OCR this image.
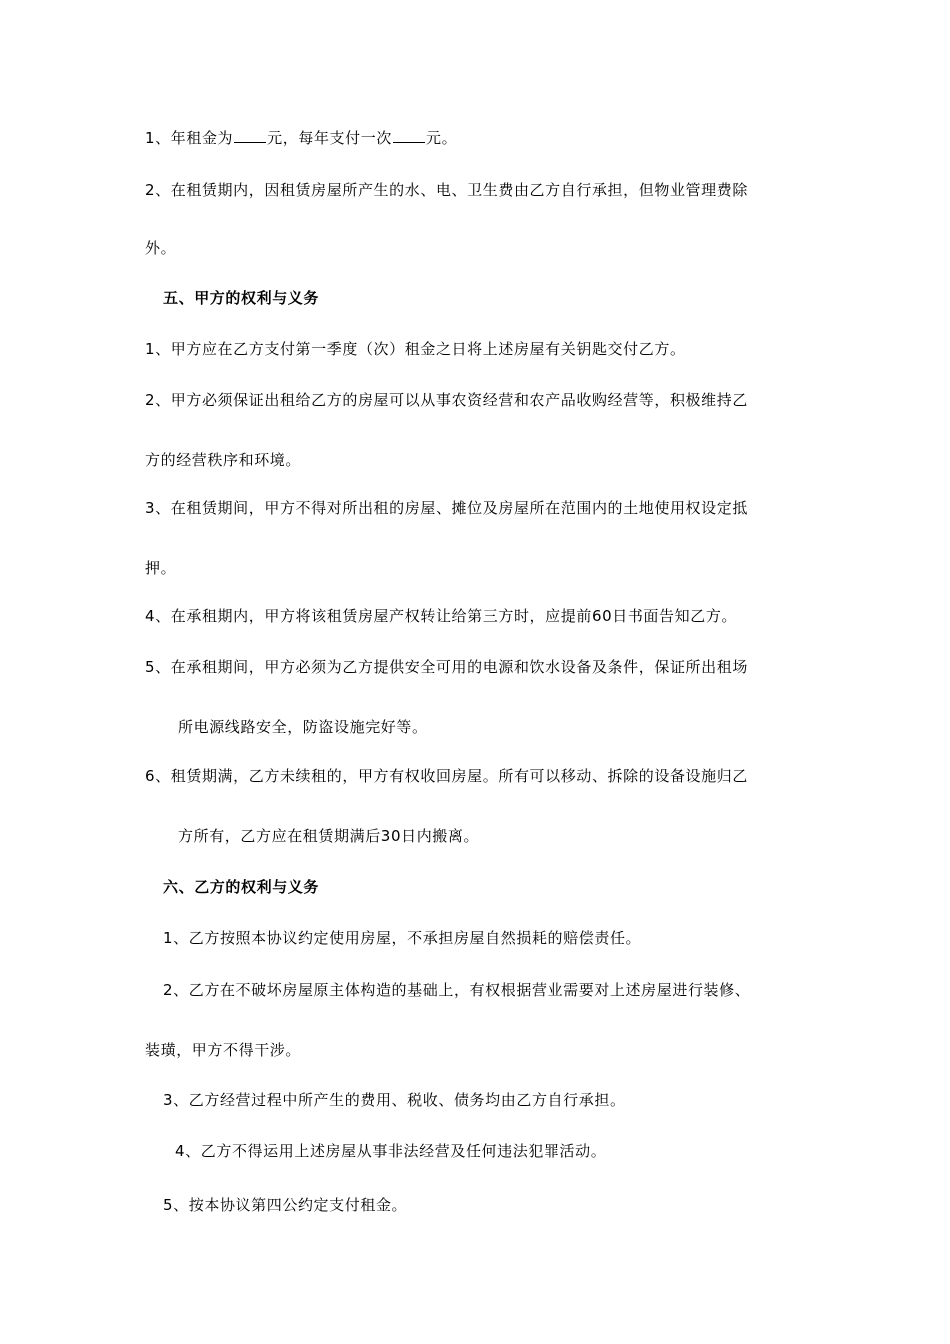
1、年租金为 元，每年支付一次 元。
2、在租赁期内，因租赁房屋所产生的水、电、卫生费由乙方自行承担，但物业管理费除
外。
五、甲方的权利与义务
1、甲方应在乙方支付第一季度（次）租金之日将上述房屋有关钥匙交付乙方。
2、甲方必须保证出租给乙方的房屋可以从事农资经营和农产品收购经营等，积极维持乙
方的经营秩序和环境。
3、在租赁期间，甲方不得对所出租的房屋、摊位及房屋所在范围内的土地使用权设定抵
押。
4、在承租期内，甲方将该租赁房屋产权转让给第三方时，应提前60日书面告知乙方。
5、在承租期间，甲方必须为乙方提供安全可用的电源和饮水设备及条件，保证所出租场
所电源线路安全，防盗设施完好等。
6、租赁期满，乙方未续租的，甲方有权收回房屋。所有可以移动、拆除的设备设施归乙
方所有，乙方应在租赁期满后30日内搬离。
六、乙方的权利与义务
1、乙方按照本协议约定使用房屋，不承担房屋自然损耗的赔偿责任。
2、乙方在不破坏房屋原主体构造的基础上，有权根据营业需要对上述房屋进行装修、
装璜，甲方不得干涉。
3、乙方经营过程中所产生的费用、税收、债务均由乙方自行承担。
4、乙方不得运用上述房屋从事非法经营及任何违法犯罪活动。
5、按本协议第四公约定支付租金。
